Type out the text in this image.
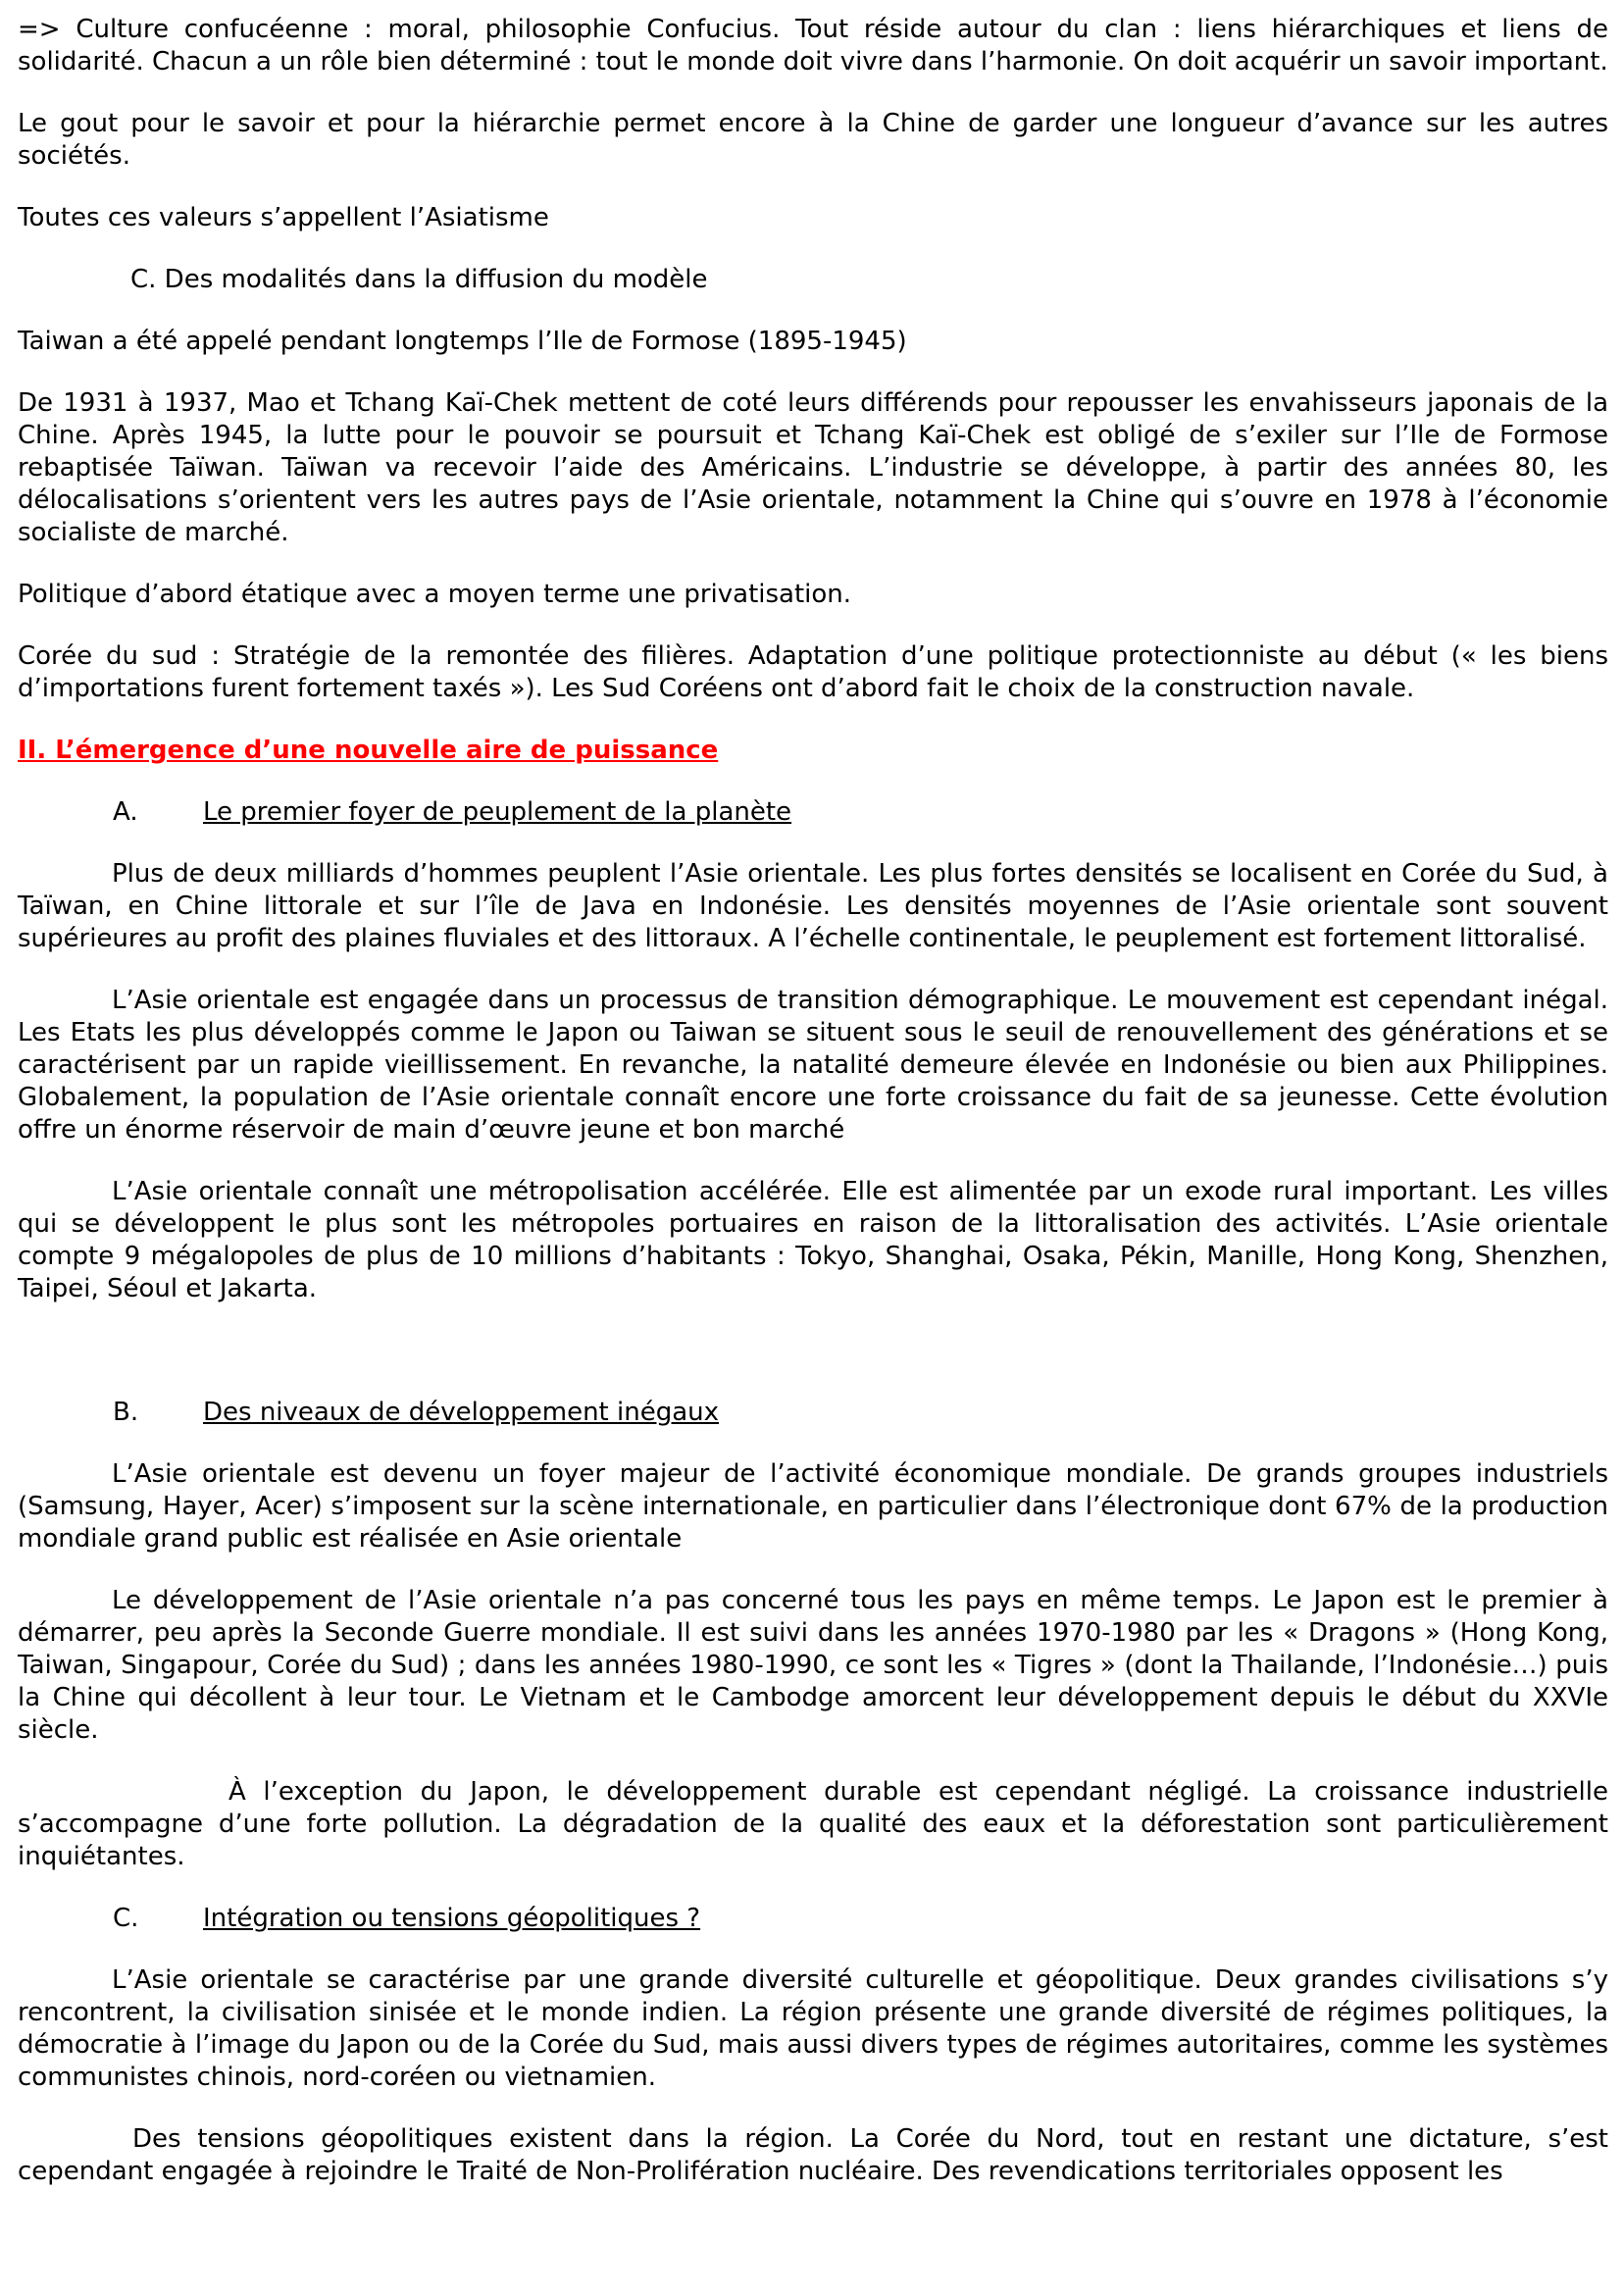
=> Culture confucéenne : moral, philosophie Confucius. Tout réside autour du clan : liens hiérarchiques et liens de solidarité. Chacun a un rôle bien déterminé : tout le monde doit vivre dans l’harmonie. On doit acquérir un savoir important.

Le gout pour le savoir et pour la hiérarchie permet encore à la Chine de garder une longueur d’avance sur les autres sociétés.

Toutes ces valeurs s’appellent l’Asiatisme

C. Des modalités dans la diffusion du modèle

Taiwan a été appelé pendant longtemps l’Ile de Formose (1895-1945)

De 1931 à 1937, Mao et Tchang Kaï-Chek mettent de coté leurs différends pour repousser les envahisseurs japonais de la Chine. Après 1945, la lutte pour le pouvoir se poursuit et Tchang Kaï-Chek est obligé de s’exiler sur l’Ile de Formose rebaptisée Taïwan. Taïwan va recevoir l’aide des Américains. L’industrie se développe, à partir des années 80, les délocalisations s’orientent vers les autres pays de l’Asie orientale, notamment la Chine qui s’ouvre en 1978 à l’économie socialiste de marché.

Politique d’abord étatique avec a moyen terme une privatisation.

Corée du sud : Stratégie de la remontée des filières. Adaptation d’une politique protectionniste au début (« les biens d’importations furent fortement taxés »). Les Sud Coréens ont d’abord fait le choix de la construction navale.

II. L’émergence d’une nouvelle aire de puissance

A.	Le premier foyer de peuplement de la planète

Plus de deux milliards d’hommes peuplent l’Asie orientale. Les plus fortes densités se localisent en Corée du Sud, à Taïwan, en Chine littorale et sur l’île de Java en Indonésie. Les densités moyennes de l’Asie orientale sont souvent supérieures au profit des plaines fluviales et des littoraux. A l’échelle continentale, le peuplement est fortement littoralisé.

L’Asie orientale est engagée dans un processus de transition démographique. Le mouvement est cependant inégal. Les Etats les plus développés comme le Japon ou Taiwan se situent sous le seuil de renouvellement des générations et se caractérisent par un rapide vieillissement. En revanche, la natalité demeure élevée en Indonésie ou bien aux Philippines. Globalement, la population de l’Asie orientale connaît encore une forte croissance du fait de sa jeunesse. Cette évolution offre un énorme réservoir de main d’œuvre jeune et bon marché

L’Asie orientale connaît une métropolisation accélérée. Elle est alimentée par un exode rural important. Les villes qui se développent le plus sont les métropoles portuaires en raison de la littoralisation des activités. L’Asie orientale compte 9 mégalopoles de plus de 10 millions d’habitants : Tokyo, Shanghai, Osaka, Pékin, Manille, Hong Kong, Shenzhen, Taipei, Séoul et Jakarta.

B.	Des niveaux de développement inégaux

L’Asie orientale est devenu un foyer majeur de l’activité économique mondiale. De grands groupes industriels (Samsung, Hayer, Acer) s’imposent sur la scène internationale, en particulier dans l’électronique dont 67% de la production mondiale grand public est réalisée en Asie orientale

Le développement de l’Asie orientale n’a pas concerné tous les pays en même temps. Le Japon est le premier à démarrer, peu après la Seconde Guerre mondiale. Il est suivi dans les années 1970-1980 par les « Dragons » (Hong Kong, Taiwan, Singapour, Corée du Sud) ; dans les années 1980-1990, ce sont les « Tigres » (dont la Thailande, l’Indonésie…) puis la Chine qui décollent à leur tour. Le Vietnam et le Cambodge amorcent leur développement depuis le début du XXVIe siècle.

À l’exception du Japon, le développement durable est cependant négligé. La croissance industrielle s’accompagne d’une forte pollution. La dégradation de la qualité des eaux et la déforestation sont particulièrement inquiétantes.

C.	Intégration ou tensions géopolitiques ?

L’Asie orientale se caractérise par une grande diversité culturelle et géopolitique. Deux grandes civilisations s’y rencontrent, la civilisation sinisée et le monde indien. La région présente une grande diversité de régimes politiques, la démocratie à l’image du Japon ou de la Corée du Sud, mais aussi divers types de régimes autoritaires, comme les systèmes communistes chinois, nord-coréen ou vietnamien.

Des tensions géopolitiques existent dans la région. La Corée du Nord, tout en restant une dictature, s’est cependant engagée à rejoindre le Traité de Non-Prolifération nucléaire. Des revendications territoriales opposent les
